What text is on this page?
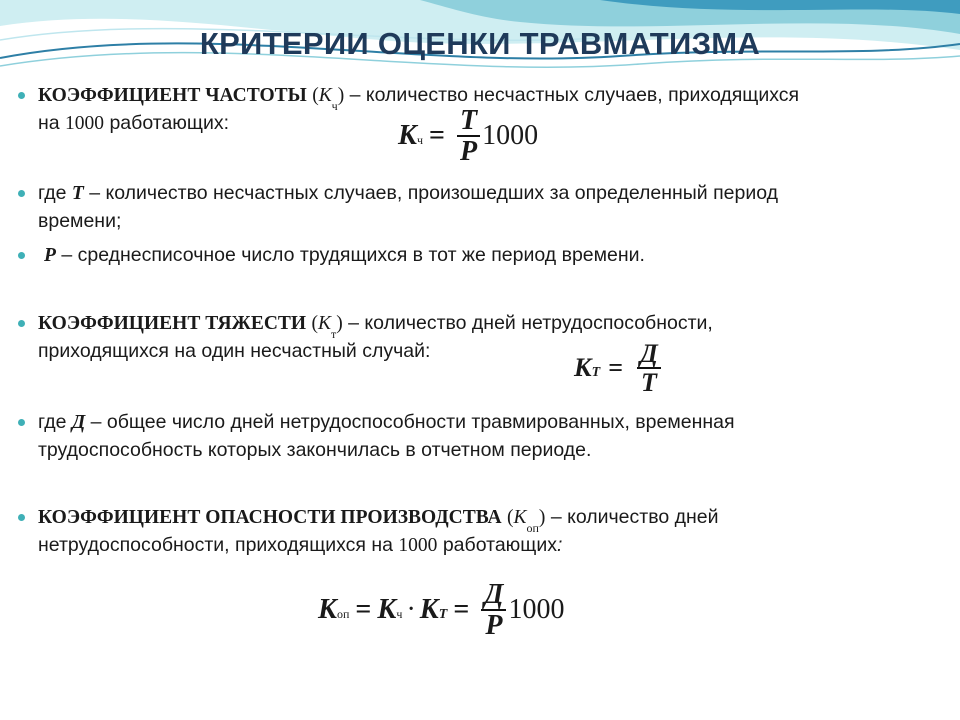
КРИТЕРИИ ОЦЕНКИ ТРАВМАТИЗМА
КОЭФФИЦИЕНТ ЧАСТОТЫ $(К_ч)$ – количество несчастных случаев, приходящихся
на 1000 работающих:	$К_ч = \frac{Т}{Р} 1000$
где Т – количество несчастных случаев, произошедших за определенный период
времени;
Р – среднесписочное число трудящихся в тот же период времени.
КОЭФФИЦИЕНТ ТЯЖЕСТИ $(К_т)$ – количество дней нетрудоспособности,
приходящихся на один несчастный случай:
$К_Т = \frac{Д}{Т}$
где Д – общее число дней нетрудоспособности травмированных, временная
трудоспособность которых закончилась в отчетном периоде.
КОЭФФИЦИЕНТ ОПАСНОСТИ ПРОИЗВОДСТВА $(К_{оп})$ – количество дней
нетрудоспособности, приходящихся на 1000 работающих:
$К_{оп} = К_ч \cdot К_Т = \frac{Д}{Р} 1000$
